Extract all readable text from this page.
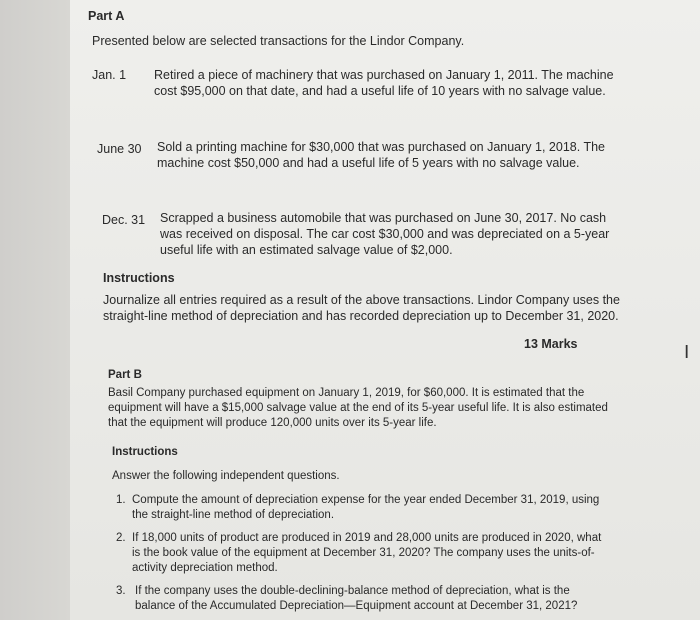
Part A
Presented below are selected transactions for the Lindor Company.
Jan. 1 Retired a piece of machinery that was purchased on January 1, 2011. The machine cost $95,000 on that date, and had a useful life of 10 years with no salvage value.
June 30 Sold a printing machine for $30,000 that was purchased on January 1, 2018. The machine cost $50,000 and had a useful life of 5 years with no salvage value.
Dec. 31 Scrapped a business automobile that was purchased on June 30, 2017. No cash was received on disposal. The car cost $30,000 and was depreciated on a 5-year useful life with an estimated salvage value of $2,000.
Instructions
Journalize all entries required as a result of the above transactions. Lindor Company uses the straight-line method of depreciation and has recorded depreciation up to December 31, 2020.
13 Marks	I
Part B
Basil Company purchased equipment on January 1, 2019, for $60,000. It is estimated that the equipment will have a $15,000 salvage value at the end of its 5-year useful life. It is also estimated that the equipment will produce 120,000 units over its 5-year life.
Instructions
Answer the following independent questions.
1. Compute the amount of depreciation expense for the year ended December 31, 2019, using the straight-line method of depreciation.
2. If 18,000 units of product are produced in 2019 and 28,000 units are produced in 2020, what is the book value of the equipment at December 31, 2020? The company uses the units-of-activity depreciation method.
3. If the company uses the double-declining-balance method of depreciation, what is the balance of the Accumulated Depreciation—Equipment account at December 31, 2021?
